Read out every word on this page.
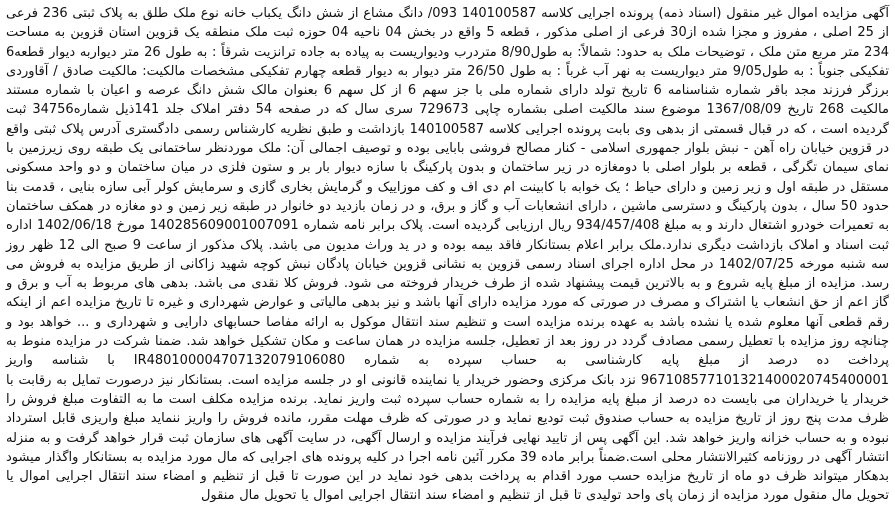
آگهی مزایده اموال غیر منقول (اسناد ذمه) پرونده اجرایی کلاسه 140100587 093/ دانگ مشاع از شش دانگ یکباب خانه نوع ملک طلق به پلاک ثبتی 236 فرعی از 25 اصلی ، مفروز و مجزا شده از30 فرعی از اصلی مذکور ، قطعه 5 واقع در بخش 04 ناحیه 04 حوزه ثبت ملک منطقه یک قزوین استان قزوین به مساحت 234 متر مربع متن ملک ، توضیحات ملک به حدود: شمالاً: به طول8/90 متردرب ودیواریست به پیاده به جاده ترانزیت شرقاً : به طول 26 متر دیواربه دیوار قطعه6 تفکیکی جنوباً : به طول9/05 متر دیواریست به نهر آب غرباً : به طول 26/50 متر دیوار به دیوار قطعه چهارم تفکیکی مشخصات مالکیت: مالکیت صادق / آقاوردی برزگر فرزند مجد باقر شماره شناسنامه 6 تاریخ تولد دارای شماره ملی با جز سهم 6 از کل سهم 6 بعنوان مالک شش دانگ عرصه و اعیان با شماره مستند مالکیت 268 تاریخ 1367/08/09 موضوع سند مالکیت اصلی بشماره چاپی 729673 سری سال که در صفحه 54 دفتر املاک جلد 141ذیل شماره34756 ثبت گردیده است ، که در قبال قسمتی از بدهی وی بابت پرونده اجرایی کلاسه 140100587 بازداشت و طبق نظریه کارشناس رسمی دادگستری آدرس پلاک ثبتی واقع در قزوین خیابان راه آهن - نبش بلوار جمهوری اسلامی - کنار مصالح فروشی بابایی بوده و توصیف اجمالی آن: ملک موردنظر ساختمانی یک طبقه روی زیرزمین با نمای سیمان تگرگی ، قطعه بر بلوار اصلی با دومغازه در زیر ساختمان و بدون پارکینگ با سازه دیوار بار بر و ستون فلزی در میان ساختمان و دو واحد مسکونی مستقل در طبقه اول و زیر زمین و دارای حیاط ؛ یک خوابه با کابینت ام دی اف و کف موزاییک و گرمایش بخاری گازی و سرمایش کولر آبی سازه بنایی ، قدمت بنا حدود 50 سال ، بدون پارکینگ و دسترسی ماشین ، دارای انشعابات آب و گاز و برق، و در زمان بازدید دو خانوار در طبقه زیر زمین و دو مغازه در همکف ساختمان به تعمیرات خودرو اشتغال دارند و به مبلغ 934/457/408 ریال ارزیابی گردیده است. پلاک برابر نامه شماره 140285609001007091 مورخ 1402/06/18 اداره ثبت اسناد و املاک بازداشت دیگری ندارد.ملک برابر اعلام بستانکار فاقد بیمه بوده و در ید وراث مدیون می باشد. پلاک مذکور از ساعت 9 صبح الی 12 ظهر روز سه شنبه مورخه 1402/07/25 در محل اداره اجرای اسناد رسمی قزوین به نشانی قزوین خیابان پادگان نبش کوچه شهید زاکانی از طریق مزایده به فروش می رسد. مزایده از مبلغ پایه شروع و به بالاترین قیمت پیشنهاد شده از طرف خریدار فروخته می شود. فروش کلا نقدی می باشد. بدهی های مربوط به آب و برق و گاز اعم از حق انشعاب یا اشتراک و مصرف در صورتی که مورد مزایده دارای آنها باشد و نیز بدهی مالیاتی و عوارض شهرداری و غیره تا تاریخ مزایده اعم از اینکه رقم قطعی آنها معلوم شده یا نشده باشد به عهده برنده مزایده است و تنظیم سند انتقال موکول به ارائه مفاصا حسابهای دارایی و شهرداری و ... خواهد بود و چنانچه روز مزایده با تعطیل رسمی مصادف گردد در روز بعد از تعطیل، جلسه مزایده در همان ساعت و مکان تشکیل خواهد شد. ضمنا شرکت در مزایده منوط به پرداخت ده درصد از مبلغ پایه کارشناسی به حساب سپرده به شماره IR480100004707132079106080 با شناسه واریز 967108577101321400020745400001 نزد بانک مرکزی وحضور خریدار یا نماینده قانونی او در جلسه مزایده است. بستانکار نیز درصورت تمایل به رقابت با خریدار یا خریداران می بایست ده درصد از مبلغ پایه مزایده را به شماره حساب سپرده ثبت واریز نماید. برنده مزایده مکلف است ما به التفاوت مبلغ فروش را ظرف مدت پنج روز از تاریخ مزایده به حساب صندوق ثبت تودیع نماید و در صورتی که ظرف مهلت مقرر، مانده فروش را واریز ننماید مبلغ واریزی قابل استرداد نبوده و به حساب خزانه واریز خواهد شد. این آگهی پس از تایید نهایی فرآیند مزایده و ارسال آگهی، در سایت آگهی های سازمان ثبت قرار خواهد گرفت و به منزله انتشار آگهی در روزنامه کثیرالانتشار محلی است.ضمناً برابر ماده 39 مکرر آئین نامه اجرا در کلیه پرونده های اجرایی که مال مورد مزایده به بستانکار واگذار میشود بدهکار میتواند ظرف دو ماه از تاریخ مزایده حسب مورد اقدام به پرداخت بدهی خود نماید در این صورت تا قبل از تنظیم و امضاء سند انتقال اجرایی اموال یا تحویل مال منقول مورد مزایده از زمان پای واحد تولیدی تا قبل از تنظیم و امضاء سند انتقال اجرایی اموال یا تحویل مال منقول
